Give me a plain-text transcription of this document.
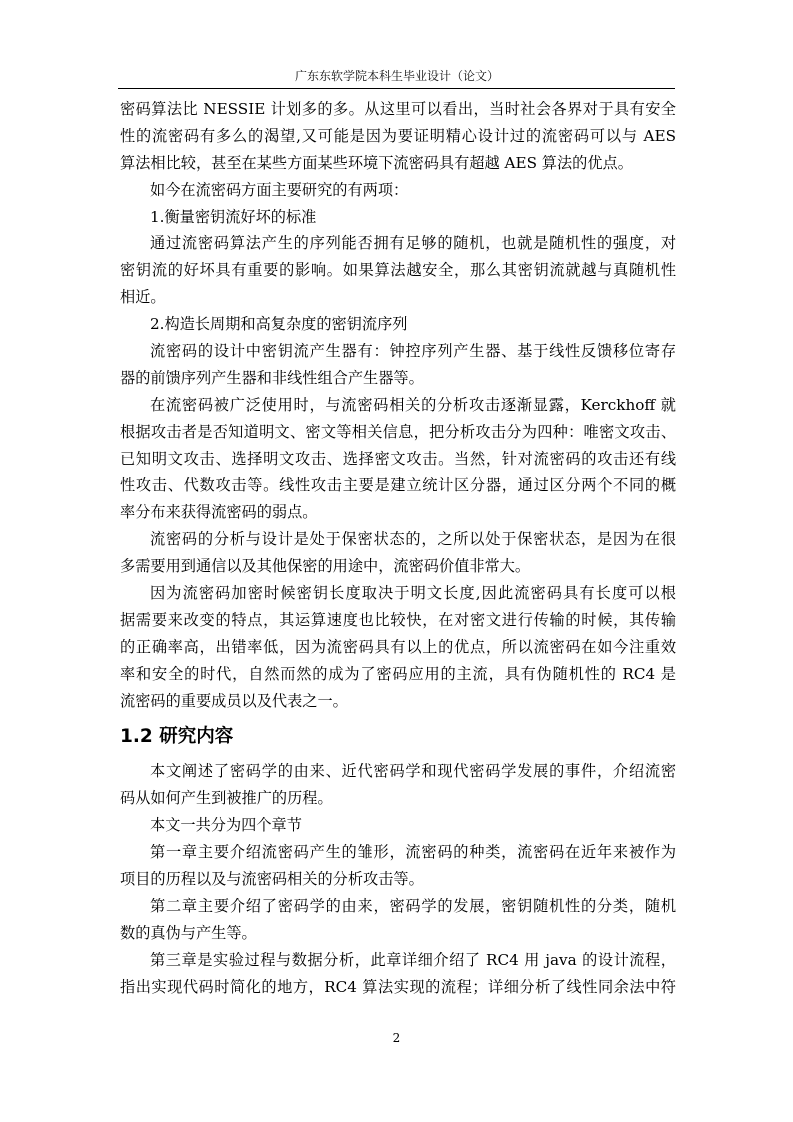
广东东软学院本科生毕业设计（论文）
密码算法比 NESSIE 计划多的多。从这里可以看出，当时社会各界对于具有安全
性的流密码有多么的渴望,又可能是因为要证明精心设计过的流密码可以与 AES
算法相比较，甚至在某些方面某些环境下流密码具有超越 AES 算法的优点。
如今在流密码方面主要研究的有两项：
1.衡量密钥流好坏的标准
通过流密码算法产生的序列能否拥有足够的随机，也就是随机性的强度，对
密钥流的好坏具有重要的影响。如果算法越安全，那么其密钥流就越与真随机性
相近。
2.构造长周期和高复杂度的密钥流序列
流密码的设计中密钥流产生器有：钟控序列产生器、基于线性反馈移位寄存
器的前馈序列产生器和非线性组合产生器等。
在流密码被广泛使用时，与流密码相关的分析攻击逐渐显露，Kerckhoff 就
根据攻击者是否知道明文、密文等相关信息，把分析攻击分为四种：唯密文攻击、
已知明文攻击、选择明文攻击、选择密文攻击。当然，针对流密码的攻击还有线
性攻击、代数攻击等。线性攻击主要是建立统计区分器，通过区分两个不同的概
率分布来获得流密码的弱点。
流密码的分析与设计是处于保密状态的，之所以处于保密状态，是因为在很
多需要用到通信以及其他保密的用途中，流密码价值非常大。
因为流密码加密时候密钥长度取决于明文长度,因此流密码具有长度可以根
据需要来改变的特点，其运算速度也比较快，在对密文进行传输的时候，其传输
的正确率高，出错率低，因为流密码具有以上的优点，所以流密码在如今注重效
率和安全的时代，自然而然的成为了密码应用的主流，具有伪随机性的 RC4 是
流密码的重要成员以及代表之一。
1.2 研究内容
本文阐述了密码学的由来、近代密码学和现代密码学发展的事件，介绍流密
码从如何产生到被推广的历程。
本文一共分为四个章节
第一章主要介绍流密码产生的雏形，流密码的种类，流密码在近年来被作为
项目的历程以及与流密码相关的分析攻击等。
第二章主要介绍了密码学的由来，密码学的发展，密钥随机性的分类，随机
数的真伪与产生等。
第三章是实验过程与数据分析，此章详细介绍了 RC4 用 java 的设计流程，
指出实现代码时简化的地方，RC4 算法实现的流程；详细分析了线性同余法中符
2
